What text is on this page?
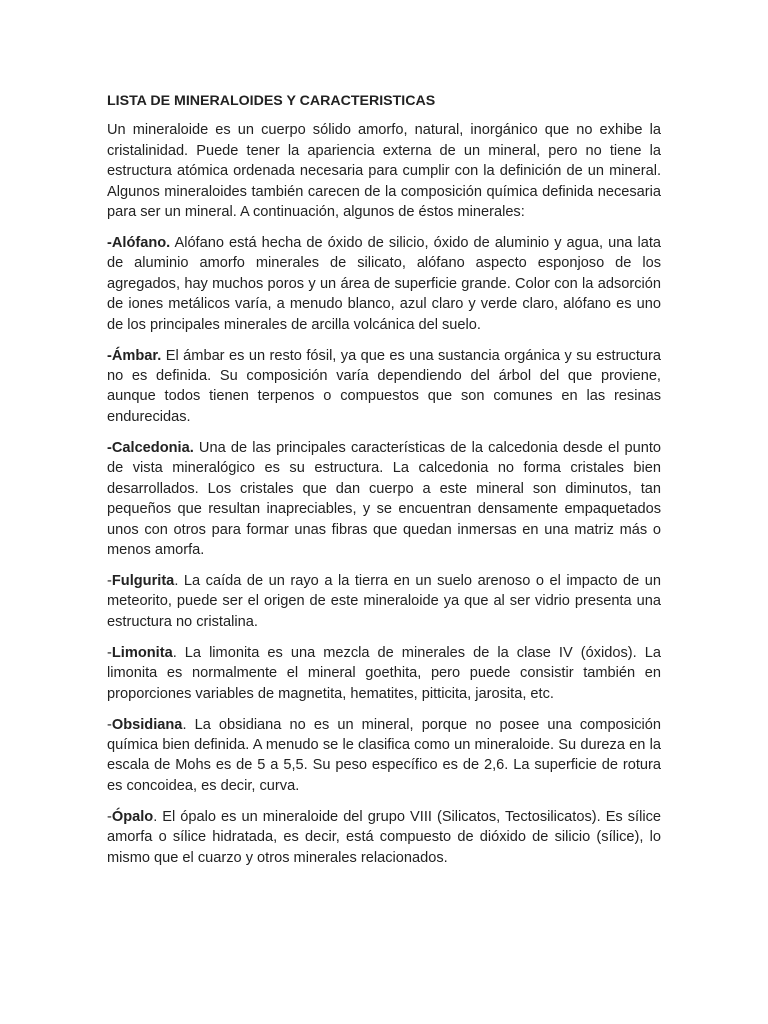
LISTA DE MINERALOIDES Y CARACTERISTICAS

Un mineraloide es un cuerpo sólido amorfo, natural, inorgánico que no exhibe la cristalinidad. Puede tener la apariencia externa de un mineral, pero no tiene la estructura atómica ordenada necesaria para cumplir con la definición de un mineral. Algunos mineraloides también carecen de la composición química definida necesaria para ser un mineral. A continuación, algunos de éstos minerales:

-Alófano. Alófano está hecha de óxido de silicio, óxido de aluminio y agua, una lata de aluminio amorfo minerales de silicato, alófano aspecto esponjoso de los agregados, hay muchos poros y un área de superficie grande. Color con la adsorción de iones metálicos varía, a menudo blanco, azul claro y verde claro, alófano es uno de los principales minerales de arcilla volcánica del suelo.

-Ámbar. El ámbar es un resto fósil, ya que es una sustancia orgánica y su estructura no es definida. Su composición varía dependiendo del árbol del que proviene, aunque todos tienen terpenos o compuestos que son comunes en las resinas endurecidas.

-Calcedonia. Una de las principales características de la calcedonia desde el punto de vista mineralógico es su estructura. La calcedonia no forma cristales bien desarrollados. Los cristales que dan cuerpo a este mineral son diminutos, tan pequeños que resultan inapreciables, y se encuentran densamente empaquetados unos con otros para formar unas fibras que quedan inmersas en una matriz más o menos amorfa.

-Fulgurita. La caída de un rayo a la tierra en un suelo arenoso o el impacto de un meteorito, puede ser el origen de este mineraloide ya que al ser vidrio presenta una estructura no cristalina.

-Limonita. La limonita es una mezcla de minerales de la clase IV (óxidos). La limonita es normalmente el mineral goethita, pero puede consistir también en proporciones variables de magnetita, hematites, pitticita, jarosita, etc.

-Obsidiana. La obsidiana no es un mineral, porque no posee una composición química bien definida. A menudo se le clasifica como un mineraloide. Su dureza en la escala de Mohs es de 5 a 5,5. Su peso específico es de 2,6. La superficie de rotura es concoidea, es decir, curva.

-Ópalo. El ópalo es un mineraloide del grupo VIII (Silicatos, Tectosilicatos). Es sílice amorfa o sílice hidratada, es decir, está compuesto de dióxido de silicio (sílice), lo mismo que el cuarzo y otros minerales relacionados.
